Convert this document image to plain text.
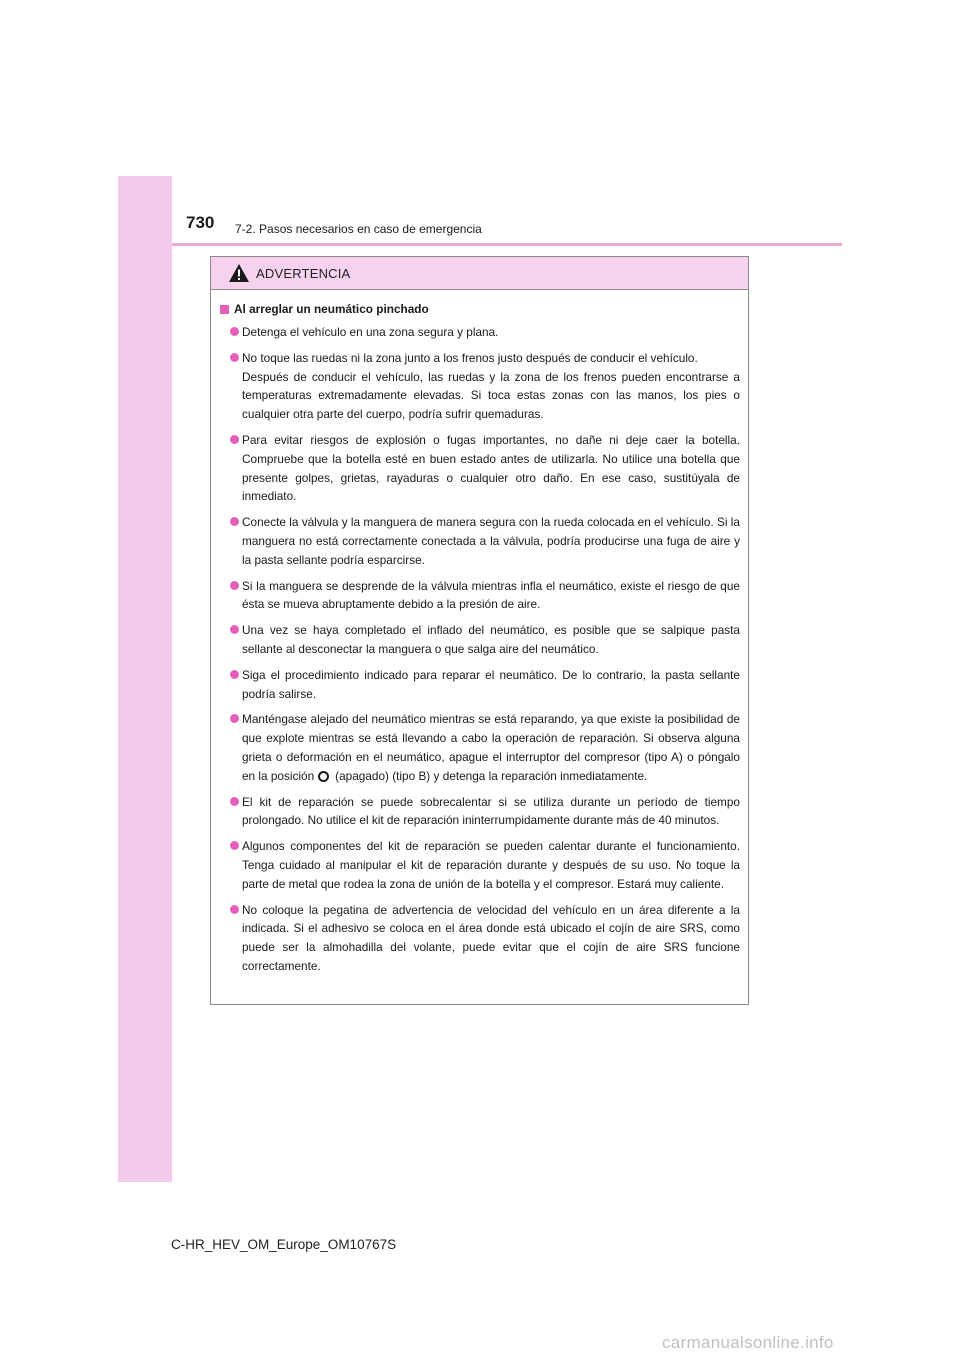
730 7-2. Pasos necesarios en caso de emergencia
ADVERTENCIA
Al arreglar un neumático pinchado
Detenga el vehículo en una zona segura y plana.
No toque las ruedas ni la zona junto a los frenos justo después de conducir el vehículo.
Después de conducir el vehículo, las ruedas y la zona de los frenos pueden encontrarse a temperaturas extremadamente elevadas. Si toca estas zonas con las manos, los pies o cualquier otra parte del cuerpo, podría sufrir quemaduras.
Para evitar riesgos de explosión o fugas importantes, no dañe ni deje caer la botella. Compruebe que la botella esté en buen estado antes de utilizarla. No utilice una botella que presente golpes, grietas, rayaduras o cualquier otro daño. En ese caso, sustitúyala de inmediato.
Conecte la válvula y la manguera de manera segura con la rueda colocada en el vehículo. Si la manguera no está correctamente conectada a la válvula, podría producirse una fuga de aire y la pasta sellante podría esparcirse.
Si la manguera se desprende de la válvula mientras infla el neumático, existe el riesgo de que ésta se mueva abruptamente debido a la presión de aire.
Una vez se haya completado el inflado del neumático, es posible que se salpique pasta sellante al desconectar la manguera o que salga aire del neumático.
Siga el procedimiento indicado para reparar el neumático. De lo contrario, la pasta sellante podría salirse.
Manténgase alejado del neumático mientras se está reparando, ya que existe la posibilidad de que explote mientras se está llevando a cabo la operación de reparación. Si observa alguna grieta o deformación en el neumático, apague el interruptor del compresor (tipo A) o póngalo en la posición (apagado) (tipo B) y detenga la reparación inmediatamente.
El kit de reparación se puede sobrecalentar si se utiliza durante un período de tiempo prolongado. No utilice el kit de reparación ininterrumpidamente durante más de 40 minutos.
Algunos componentes del kit de reparación se pueden calentar durante el funcionamiento. Tenga cuidado al manipular el kit de reparación durante y después de su uso. No toque la parte de metal que rodea la zona de unión de la botella y el compresor. Estará muy caliente.
No coloque la pegatina de advertencia de velocidad del vehículo en un área diferente a la indicada. Si el adhesivo se coloca en el área donde está ubicado el cojín de aire SRS, como puede ser la almohadilla del volante, puede evitar que el cojín de aire SRS funcione correctamente.
C-HR_HEV_OM_Europe_OM10767S
carmanualsonline.info
